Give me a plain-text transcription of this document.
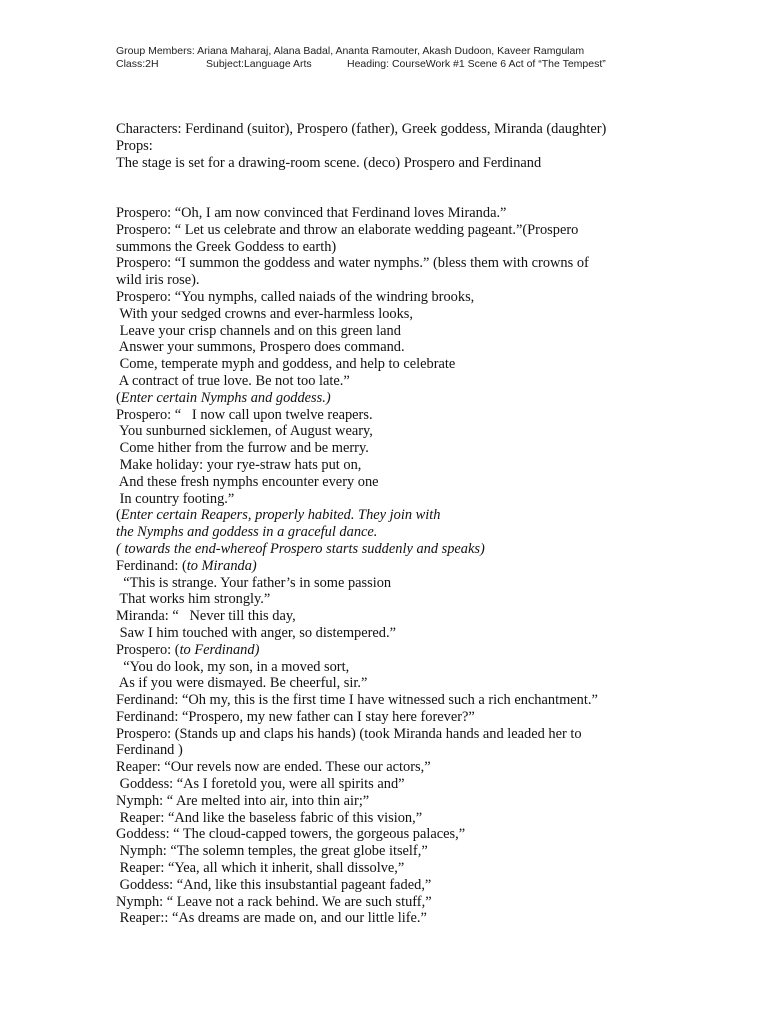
Group Members: Ariana Maharaj, Alana Badal, Ananta Ramouter, Akash Dudoon, Kaveer Ramgulam

Class:2H

	Subject:Language Arts

	Heading: CourseWork #1 Scene 6 Act of “The Tempest”

Characters: Ferdinand (suitor), Prospero (father), Greek goddess, Miranda (daughter)
Props:
The stage is set for a drawing-room scene. (deco) Prospero and Ferdinand
Prospero: “Oh, I am now convinced that Ferdinand loves Miranda.”
Prospero: “ Let us celebrate and throw an elaborate wedding pageant.”(Prospero
summons the Greek Goddess to earth)
Prospero: “I summon the goddess and water nymphs.” (bless them with crowns of
wild iris rose).
Prospero: “You nymphs, called naiads of the windring brooks,
With your sedged crowns and ever-harmless looks,
Leave your crisp channels and on this green land
Answer your summons, Prospero does command.
Come, temperate myph and goddess, and help to celebrate
A contract of true love. Be not too late.”
(Enter certain Nymphs and goddess.)
Prospero: “   I now call upon twelve reapers.
You sunburned sicklemen, of August weary,
Come hither from the furrow and be merry.
Make holiday: your rye-straw hats put on,
And these fresh nymphs encounter every one
In country footing.”
(Enter certain Reapers, properly habited. They join with
the Nymphs and goddess in a graceful dance.
( towards the end-whereof Prospero starts suddenly and speaks)
Ferdinand: (to Miranda)
“This is strange. Your father’s in some passion
That works him strongly.”
Miranda: “   Never till this day,
Saw I him touched with anger, so distempered.”
Prospero: (to Ferdinand)
“You do look, my son, in a moved sort,
As if you were dismayed. Be cheerful, sir.”
Ferdinand: “Oh my, this is the first time I have witnessed such a rich enchantment.”
Ferdinand: “Prospero, my new father can I stay here forever?”
Prospero: (Stands up and claps his hands) (took Miranda hands and leaded her to
Ferdinand )
Reaper: “Our revels now are ended. These our actors,”
Goddess: “As I foretold you, were all spirits and”
Nymph: “ Are melted into air, into thin air;”
Reaper: “And like the baseless fabric of this vision,”
Goddess: “ The cloud-capped towers, the gorgeous palaces,”
Nymph: “The solemn temples, the great globe itself,”
Reaper: “Yea, all which it inherit, shall dissolve,”
Goddess: “And, like this insubstantial pageant faded,”
Nymph: “ Leave not a rack behind. We are such stuff,”
Reaper:: “As dreams are made on, and our little life.”
